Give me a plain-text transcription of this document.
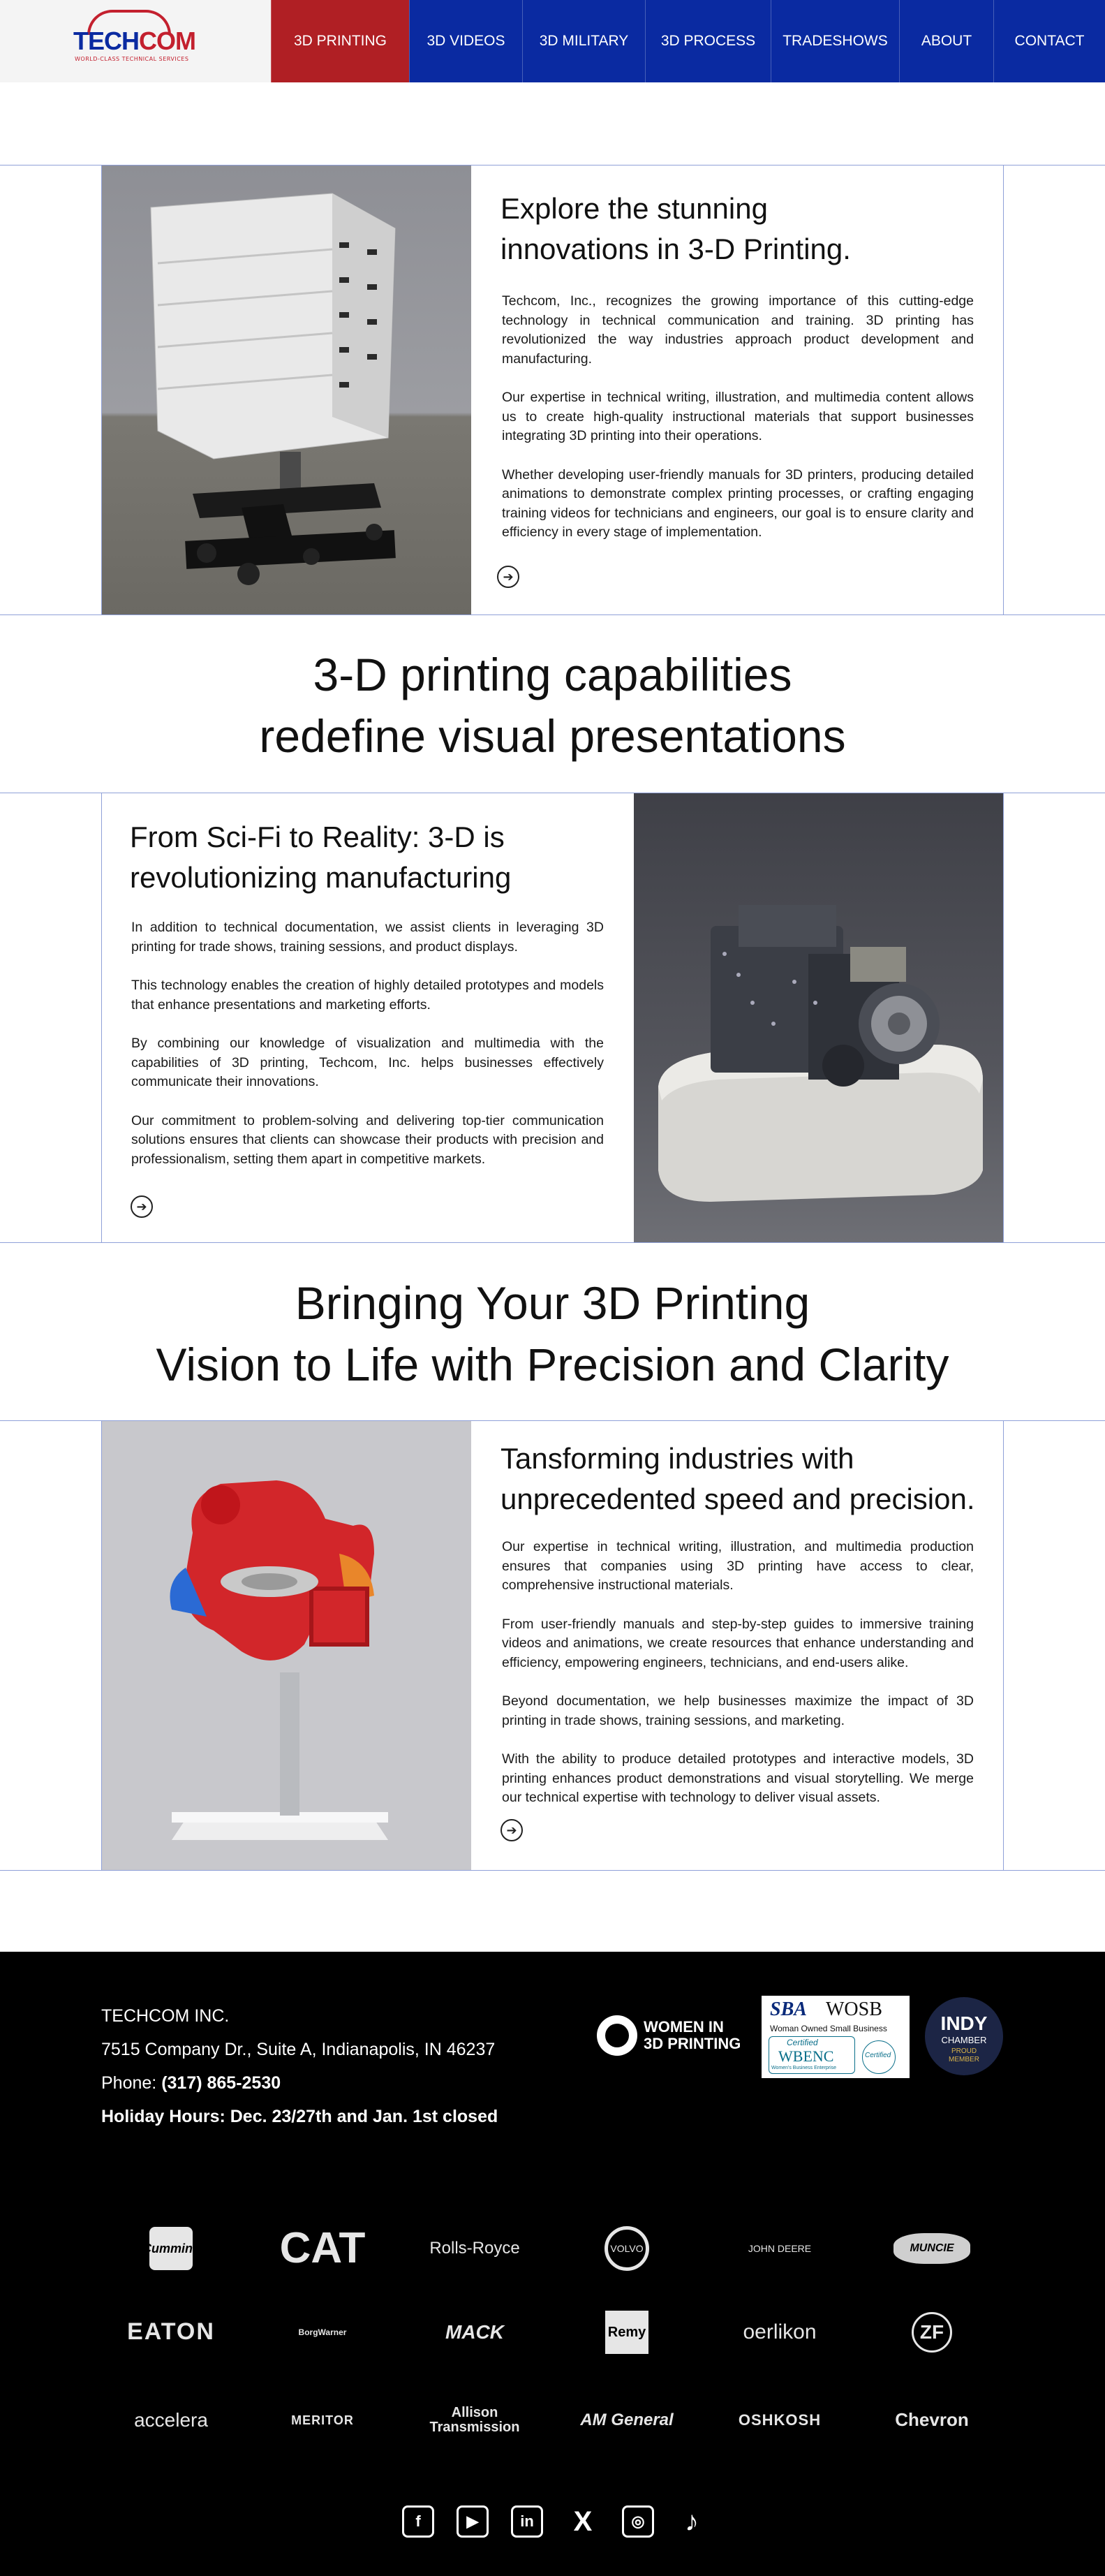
TECHCOM
WORLD-CLASS TECHNICAL SERVICES
3D PRINTING	3D VIDEOS	3D MILITARY	3D PROCESS	TRADESHOWS	ABOUT	CONTACT
Explore the stunning
innovations in 3-D Printing.

Techcom, Inc., recognizes the growing importance of this cutting-edge technology in technical communication and training. 3D printing has revolutionized the way industries approach product development and manufacturing.

Our expertise in technical writing, illustration, and multimedia content allows us to create high-quality instructional materials that support businesses integrating 3D printing into their operations.

Whether developing user-friendly manuals for 3D printers, producing detailed animations to demonstrate complex printing processes, or crafting engaging training videos for technicians and engineers, our goal is to ensure clarity and efficiency in every stage of implementation.

➔
3-D printing capabilities
redefine visual presentations
From Sci-Fi to Reality: 3-D is
revolutionizing manufacturing

In addition to technical documentation, we assist clients in leveraging 3D printing for trade shows, training sessions, and product displays.

This technology enables the creation of highly detailed prototypes and models that enhance presentations and marketing efforts.

By combining our knowledge of visualization and multimedia with the capabilities of 3D printing, Techcom, Inc. helps businesses effectively communicate their innovations.

Our commitment to problem-solving and delivering top-tier communication solutions ensures that clients can showcase their products with precision and professionalism, setting them apart in competitive markets.

➔
Bringing Your 3D Printing
Vision to Life with Precision and Clarity
Tansforming industries with
unprecedented speed and precision.

Our expertise in technical writing, illustration, and multimedia production ensures that companies using 3D printing have access to clear, comprehensive instructional materials.

From user-friendly manuals and step-by-step guides to immersive training videos and animations, we create resources that enhance understanding and efficiency, empowering engineers, technicians, and end-users alike.

Beyond documentation, we help businesses maximize the impact of 3D printing in trade shows, training sessions, and marketing.

With the ability to produce detailed prototypes and interactive models, 3D printing enhances product demonstrations and visual storytelling. We merge our technical expertise with technology to deliver visual assets.

➔
TECHCOM INC.
7515 Company Dr., Suite A, Indianapolis, IN 46237
Phone: (317) 865-2530
Holiday Hours: Dec. 23/27th and Jan. 1st closed
WOMEN IN
3D PRINTING
SBA WOSB
Woman Owned Small Business
Certified
WBENC
Women's Business Enterprise
Certified
INDY
CHAMBER
PROUD
MEMBER
Cummins CAT	Rolls-Royce	VOLVO	JOHN DEERE	MUNCIE
EATON	BorgWarner	MACK	Remy	oerlikon	ZF
accelera	MERITOR	Allison Transmission	AM General	OSHKOSH	Chevron
f	▶	in	X	◎	♪
